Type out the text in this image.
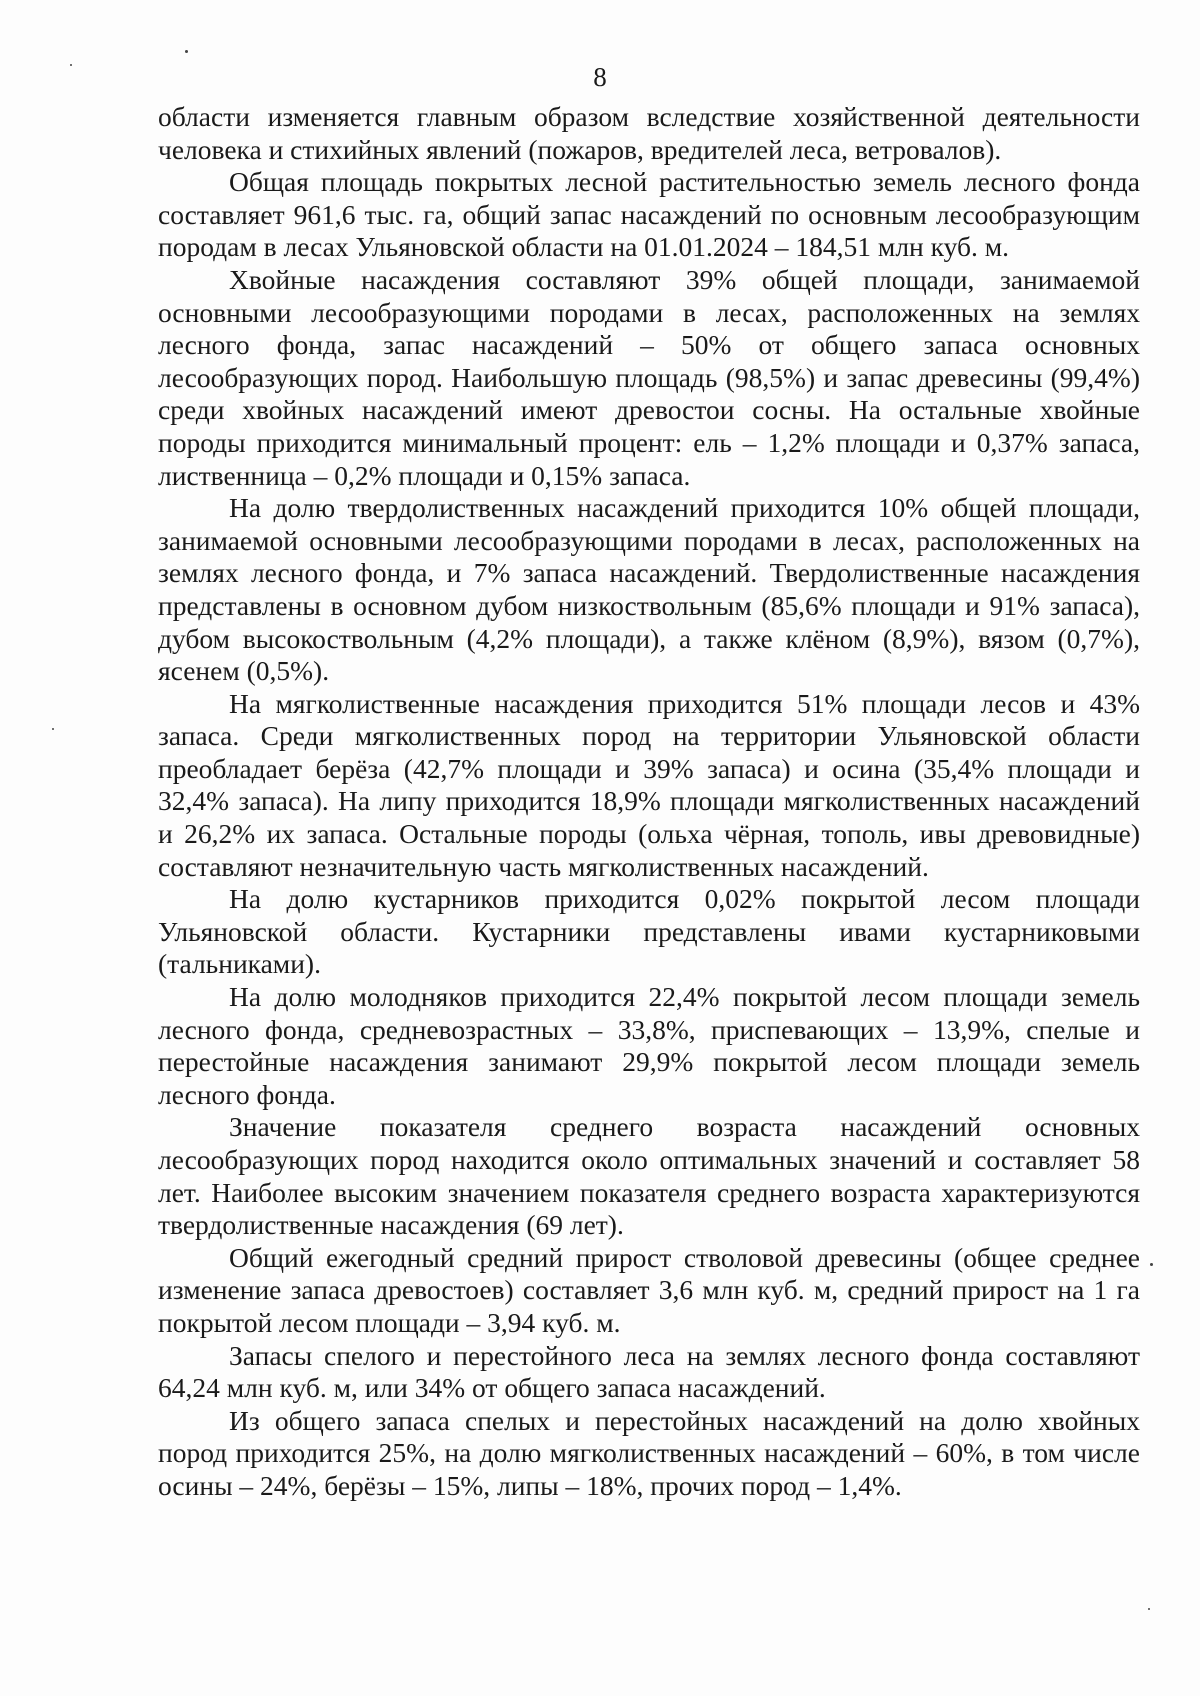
8

области изменяется главным образом вследствие хозяйственной деятельности человека и стихийных явлений (пожаров, вредителей леса, ветровалов).

Общая площадь покрытых лесной растительностью земель лесного фонда составляет 961,6 тыс. га, общий запас насаждений по основным лесообразующим породам в лесах Ульяновской области на 01.01.2024 – 184,51 млн куб. м.

Хвойные насаждения составляют 39% общей площади, занимаемой основными лесообразующими породами в лесах, расположенных на землях лесного фонда, запас насаждений – 50% от общего запаса основных лесообразующих пород. Наибольшую площадь (98,5%) и запас древесины (99,4%) среди хвойных насаждений имеют древостои сосны. На остальные хвойные породы приходится минимальный процент: ель – 1,2% площади и 0,37% запаса, лиственница – 0,2% площади и 0,15% запаса.

На долю твердолиственных насаждений приходится 10% общей площади, занимаемой основными лесообразующими породами в лесах, расположенных на землях лесного фонда, и 7% запаса насаждений. Твердолиственные насаждения представлены в основном дубом низкоствольным (85,6% площади и 91% запаса), дубом высокоствольным (4,2% площади), а также клёном (8,9%), вязом (0,7%), ясенем (0,5%).

На мягколиственные насаждения приходится 51% площади лесов и 43% запаса. Среди мягколиственных пород на территории Ульяновской области преобладает берёза (42,7% площади и 39% запаса) и осина (35,4% площади и 32,4% запаса). На липу приходится 18,9% площади мягколиственных насаждений и 26,2% их запаса. Остальные породы (ольха чёрная, тополь, ивы древовидные) составляют незначительную часть мягколиственных насаждений.

На долю кустарников приходится 0,02% покрытой лесом площади Ульяновской области. Кустарники представлены ивами кустарниковыми (тальниками).

На долю молодняков приходится 22,4% покрытой лесом площади земель лесного фонда, средневозрастных – 33,8%, приспевающих – 13,9%, спелые и перестойные насаждения занимают 29,9% покрытой лесом площади земель лесного фонда.

Значение показателя среднего возраста насаждений основных лесообразующих пород находится около оптимальных значений и составляет 58 лет. Наиболее высоким значением показателя среднего возраста характеризуются твердолиственные насаждения (69 лет).

Общий ежегодный средний прирост стволовой древесины (общее среднее изменение запаса древостоев) составляет 3,6 млн куб. м, средний прирост на 1 га покрытой лесом площади – 3,94 куб. м.

Запасы спелого и перестойного леса на землях лесного фонда составляют 64,24 млн куб. м, или 34% от общего запаса насаждений.

Из общего запаса спелых и перестойных насаждений на долю хвойных пород приходится 25%, на долю мягколиственных насаждений – 60%, в том числе осины – 24%, берёзы – 15%, липы – 18%, прочих пород – 1,4%.
